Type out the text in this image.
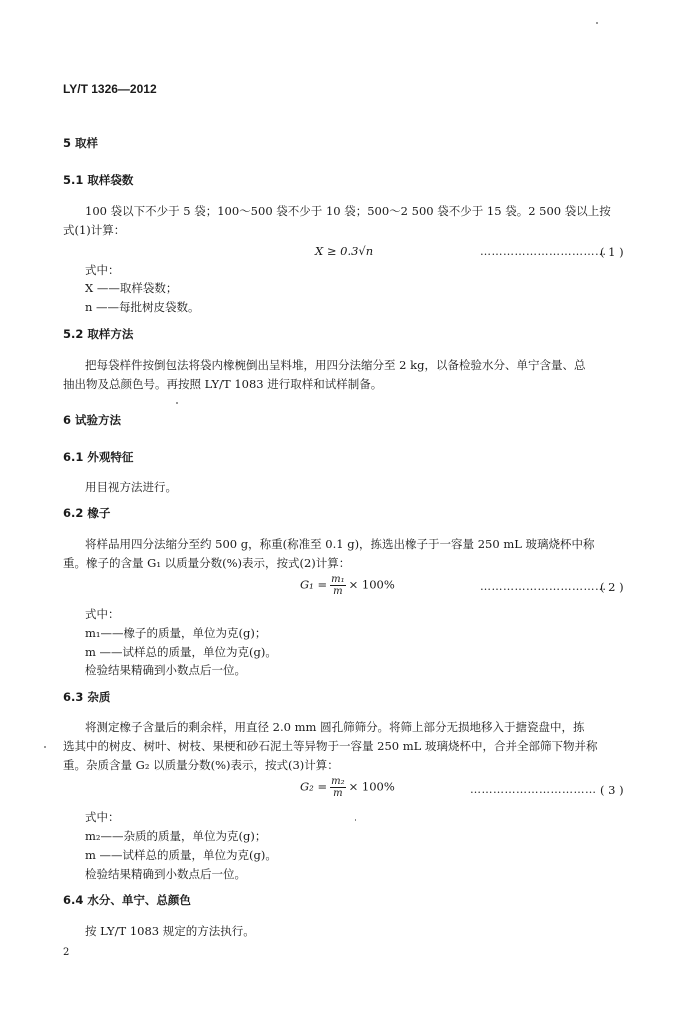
LY/T 1326—2012
5 取样
5.1 取样袋数
100 袋以下不少于 5 袋；100～500 袋不少于 10 袋；500～2 500 袋不少于 15 袋。2 500 袋以上按
式(1)计算：
X ≥ 0.3√n	……………………………
( 1 )
式中：
X ——取样袋数；
n ——每批树皮袋数。
5.2 取样方法
把每袋样件按倒包法将袋内橡椀倒出呈料堆，用四分法缩分至 2 kg，以备检验水分、单宁含量、总
抽出物及总颜色号。再按照 LY/T 1083 进行取样和试样制备。
6 试验方法
6.1 外观特征
用目视方法进行。
6.2 橡子
将样品用四分法缩分至约 500 g，称重(称准至 0.1 g)，拣选出橡子于一容量 250 mL 玻璃烧杯中称
重。橡子的含量 G₁ 以质量分数(%)表示，按式(2)计算：
$G_1 = \frac{\text{m₁}}{m} \times 100\%$	……………………………
( 2 )
式中：
m₁——橡子的质量，单位为克(g)；
m ——试样总的质量，单位为克(g)。
检验结果精确到小数点后一位。
6.3 杂质
将测定橡子含量后的剩余样，用直径 2.0 mm 圆孔筛筛分。将筛上部分无损地移入于搪瓷盘中，拣
选其中的树皮、树叶、树枝、果梗和砂石泥土等异物于一容量 250 mL 玻璃烧杯中，合并全部筛下物并称
重。杂质含量 G₂ 以质量分数(%)表示，按式(3)计算：
$G_2 = \frac{\text{m₂}}{m} \times 100\%$	…………………………… ( 3 )
式中：
m₂——杂质的质量，单位为克(g)；
m ——试样总的质量，单位为克(g)。
检验结果精确到小数点后一位。
6.4 水分、单宁、总颜色
按 LY/T 1083 规定的方法执行。
2
